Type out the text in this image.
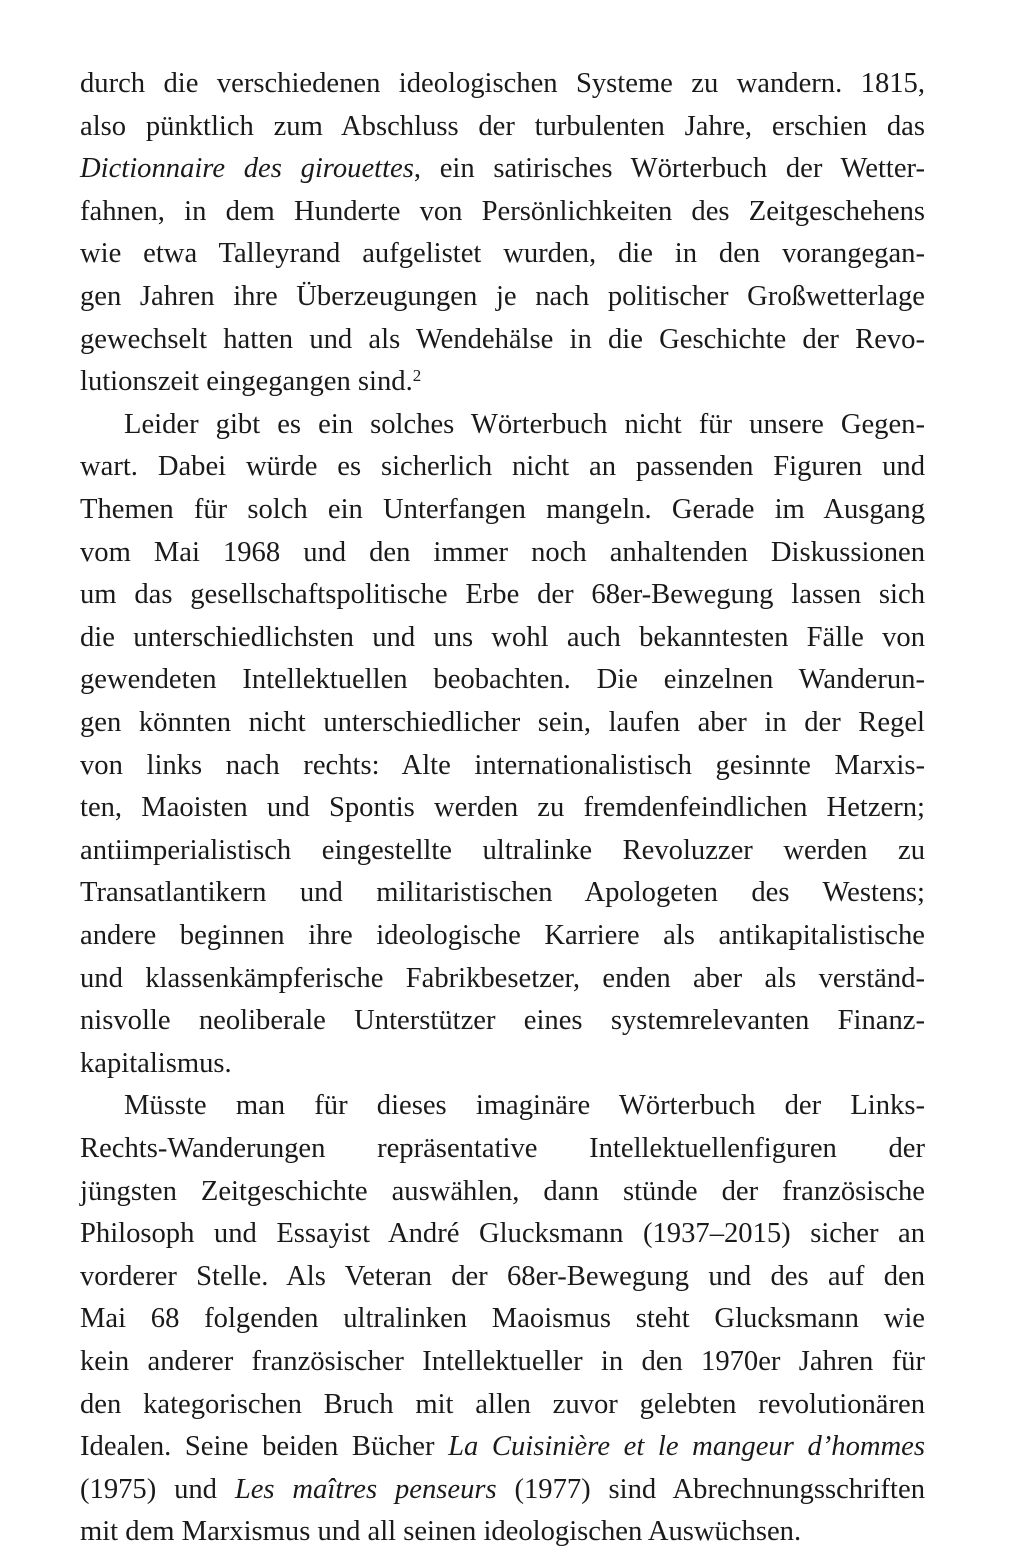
durch die verschiedenen ideologischen Systeme zu wandern. 1815,
also pünktlich zum Abschluss der turbulenten Jahre, erschien das
Dictionnaire des girouettes, ein satirisches Wörterbuch der Wetter-
fahnen, in dem Hunderte von Persönlichkeiten des Zeitgeschehens
wie etwa Talleyrand aufgelistet wurden, die in den vorangegan-
gen Jahren ihre Überzeugungen je nach politischer Großwetterlage
gewechselt hatten und als Wendehälse in die Geschichte der Revo-
lutionszeit eingegangen sind.$^2$
Leider gibt es ein solches Wörterbuch nicht für unsere Gegen-
wart. Dabei würde es sicherlich nicht an passenden Figuren und
Themen für solch ein Unterfangen mangeln. Gerade im Ausgang
vom Mai 1968 und den immer noch anhaltenden Diskussionen
um das gesellschaftspolitische Erbe der 68er-Bewegung lassen sich
die unterschiedlichsten und uns wohl auch bekanntesten Fälle von
gewendeten Intellektuellen beobachten. Die einzelnen Wanderun-
gen könnten nicht unterschiedlicher sein, laufen aber in der Regel
von links nach rechts: Alte internationalistisch gesinnte Marxis-
ten, Maoisten und Spontis werden zu fremdenfeindlichen Hetzern;
antiimperialistisch eingestellte ultralinke Revoluzzer werden zu
Transatlantikern und militaristischen Apologeten des Westens;
andere beginnen ihre ideologische Karriere als antikapitalistische
und klassenkämpferische Fabrikbesetzer, enden aber als verständ-
nisvolle neoliberale Unterstützer eines systemrelevanten Finanz-
kapitalismus.
Müsste man für dieses imaginäre Wörterbuch der Links-
Rechts-Wanderungen repräsentative Intellektuellenfiguren der
jüngsten Zeitgeschichte auswählen, dann stünde der französische
Philosoph und Essayist André Glucksmann (1937–2015) sicher an
vorderer Stelle. Als Veteran der 68er-Bewegung und des auf den
Mai 68 folgenden ultralinken Maoismus steht Glucksmann wie
kein anderer französischer Intellektueller in den 1970er Jahren für
den kategorischen Bruch mit allen zuvor gelebten revolutionären
Idealen. Seine beiden Bücher La Cuisinière et le mangeur d’hommes
(1975) und Les maîtres penseurs (1977) sind Abrechnungsschriften
mit dem Marxismus und all seinen ideologischen Auswüchsen.
